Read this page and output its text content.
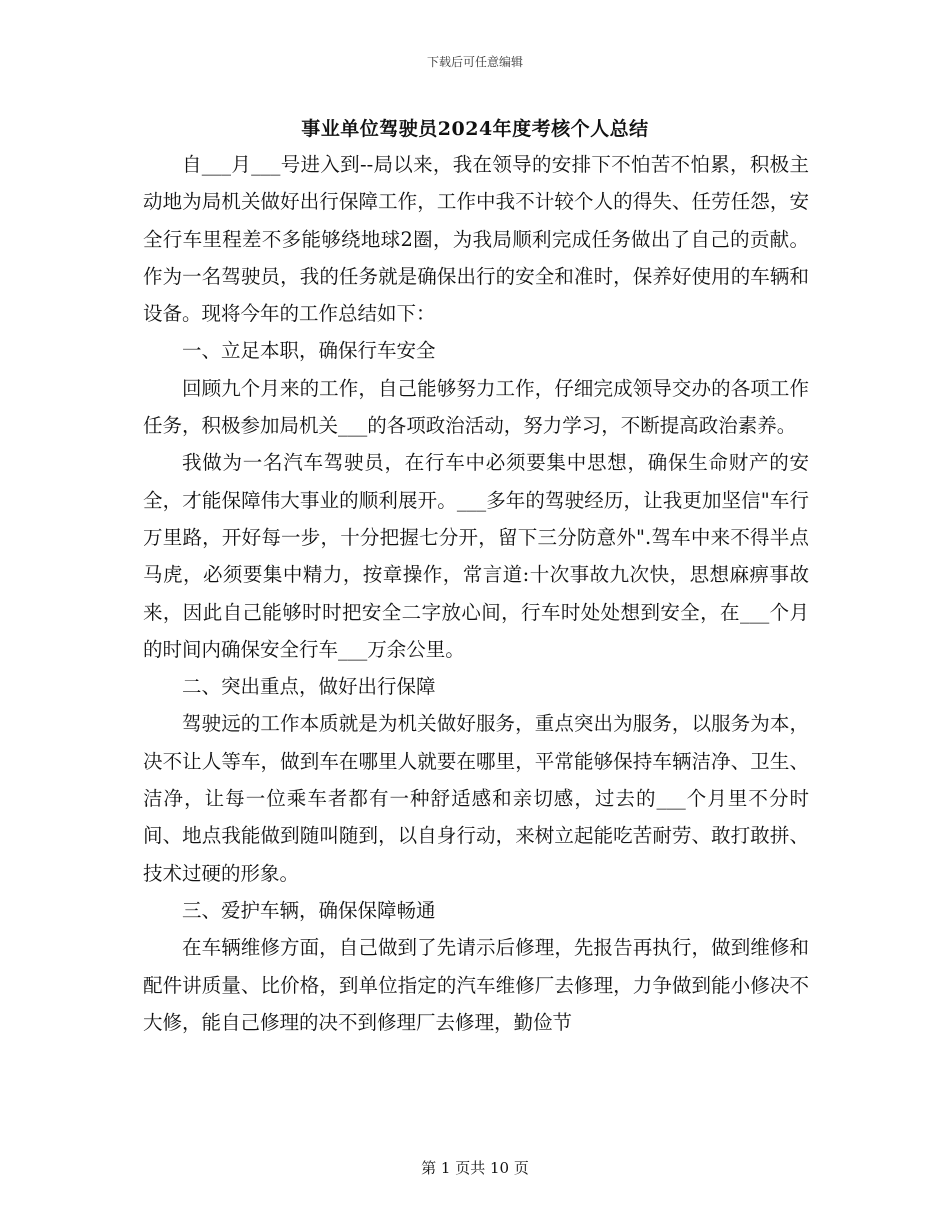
下载后可任意编辑
事业单位驾驶员2024年度考核个人总结

自___月___号进入到--局以来，我在领导的安排下不怕苦不怕累，积极主动地为局机关做好出行保障工作，工作中我不计较个人的得失、任劳任怨，安全行车里程差不多能够绕地球2圈，为我局顺利完成任务做出了自己的贡献。作为一名驾驶员，我的任务就是确保出行的安全和准时，保养好使用的车辆和设备。现将今年的工作总结如下：

一、立足本职，确保行车安全

回顾九个月来的工作，自己能够努力工作，仔细完成领导交办的各项工作任务，积极参加局机关___的各项政治活动，努力学习，不断提高政治素养。

我做为一名汽车驾驶员，在行车中必须要集中思想，确保生命财产的安全，才能保障伟大事业的顺利展开。___多年的驾驶经历，让我更加坚信"车行万里路，开好每一步，十分把握七分开，留下三分防意外".驾车中来不得半点马虎，必须要集中精力，按章操作，常言道:十次事故九次快，思想麻痹事故来，因此自己能够时时把安全二字放心间，行车时处处想到安全，在___个月的时间内确保安全行车___万余公里。

二、突出重点，做好出行保障

驾驶远的工作本质就是为机关做好服务，重点突出为服务，以服务为本，决不让人等车，做到车在哪里人就要在哪里，平常能够保持车辆洁净、卫生、洁净，让每一位乘车者都有一种舒适感和亲切感，过去的___个月里不分时间、地点我能做到随叫随到，以自身行动，来树立起能吃苦耐劳、敢打敢拼、技术过硬的形象。

三、爱护车辆，确保保障畅通

在车辆维修方面，自己做到了先请示后修理，先报告再执行，做到维修和配件讲质量、比价格，到单位指定的汽车维修厂去修理，力争做到能小修决不大修，能自己修理的决不到修理厂去修理，勤俭节

第 1 页共 10 页
